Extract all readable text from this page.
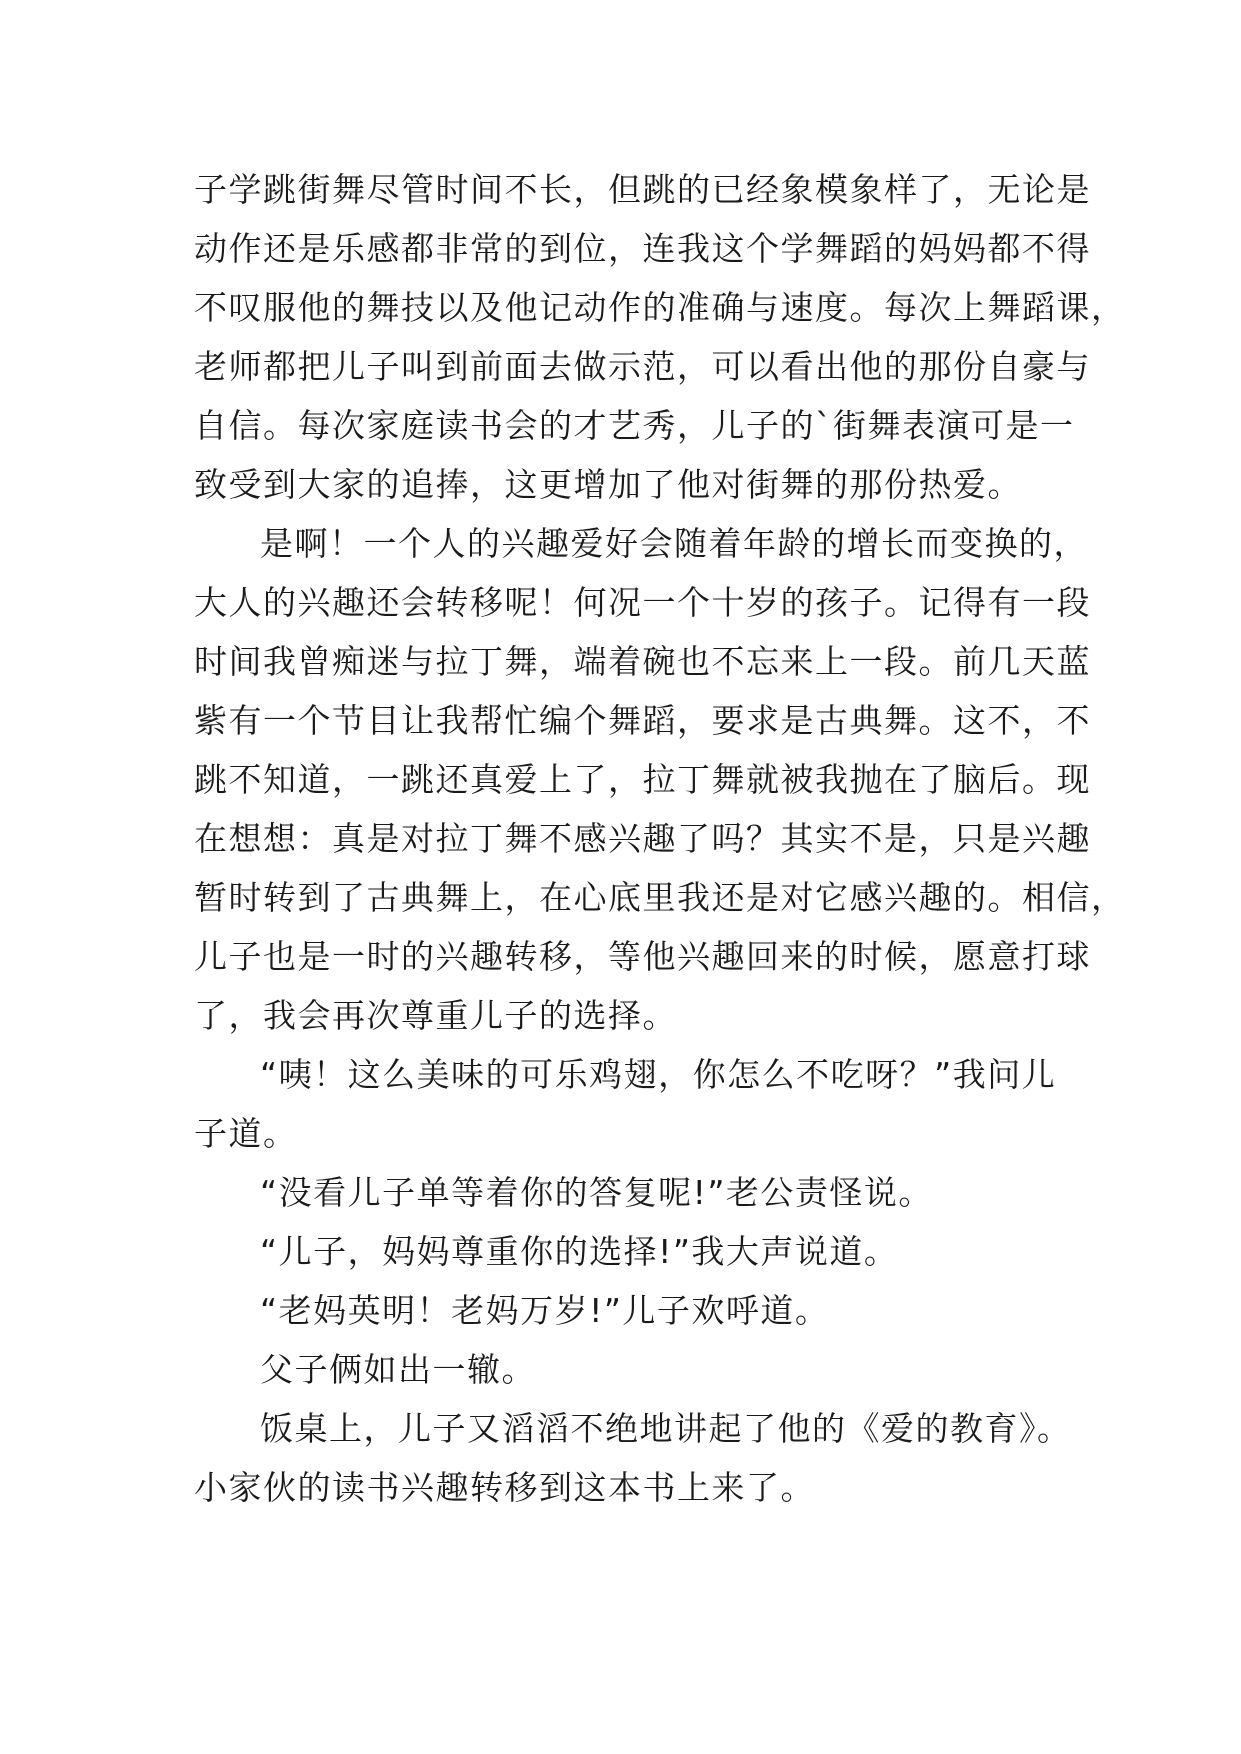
子学跳街舞尽管时间不长，但跳的已经象模象样了，无论是
动作还是乐感都非常的到位，连我这个学舞蹈的妈妈都不得
不叹服他的舞技以及他记动作的准确与速度。每次上舞蹈课，
老师都把儿子叫到前面去做示范，可以看出他的那份自豪与
自信。每次家庭读书会的才艺秀，儿子的`街舞表演可是一
致受到大家的追捧，这更增加了他对街舞的那份热爱。
是啊！一个人的兴趣爱好会随着年龄的增长而变换的，
大人的兴趣还会转移呢！何况一个十岁的孩子。记得有一段
时间我曾痴迷与拉丁舞，端着碗也不忘来上一段。前几天蓝
紫有一个节目让我帮忙编个舞蹈，要求是古典舞。这不，不
跳不知道，一跳还真爱上了，拉丁舞就被我抛在了脑后。现
在想想：真是对拉丁舞不感兴趣了吗？其实不是，只是兴趣
暂时转到了古典舞上，在心底里我还是对它感兴趣的。相信，
儿子也是一时的兴趣转移，等他兴趣回来的时候，愿意打球
了，我会再次尊重儿子的选择。
“咦！这么美味的可乐鸡翅，你怎么不吃呀？”我问儿
子道。
“没看儿子单等着你的答复呢!”老公责怪说。
“儿子，妈妈尊重你的选择!”我大声说道。
“老妈英明！老妈万岁!”儿子欢呼道。
父子俩如出一辙。
饭桌上，儿子又滔滔不绝地讲起了他的《爱的教育》。
小家伙的读书兴趣转移到这本书上来了。
